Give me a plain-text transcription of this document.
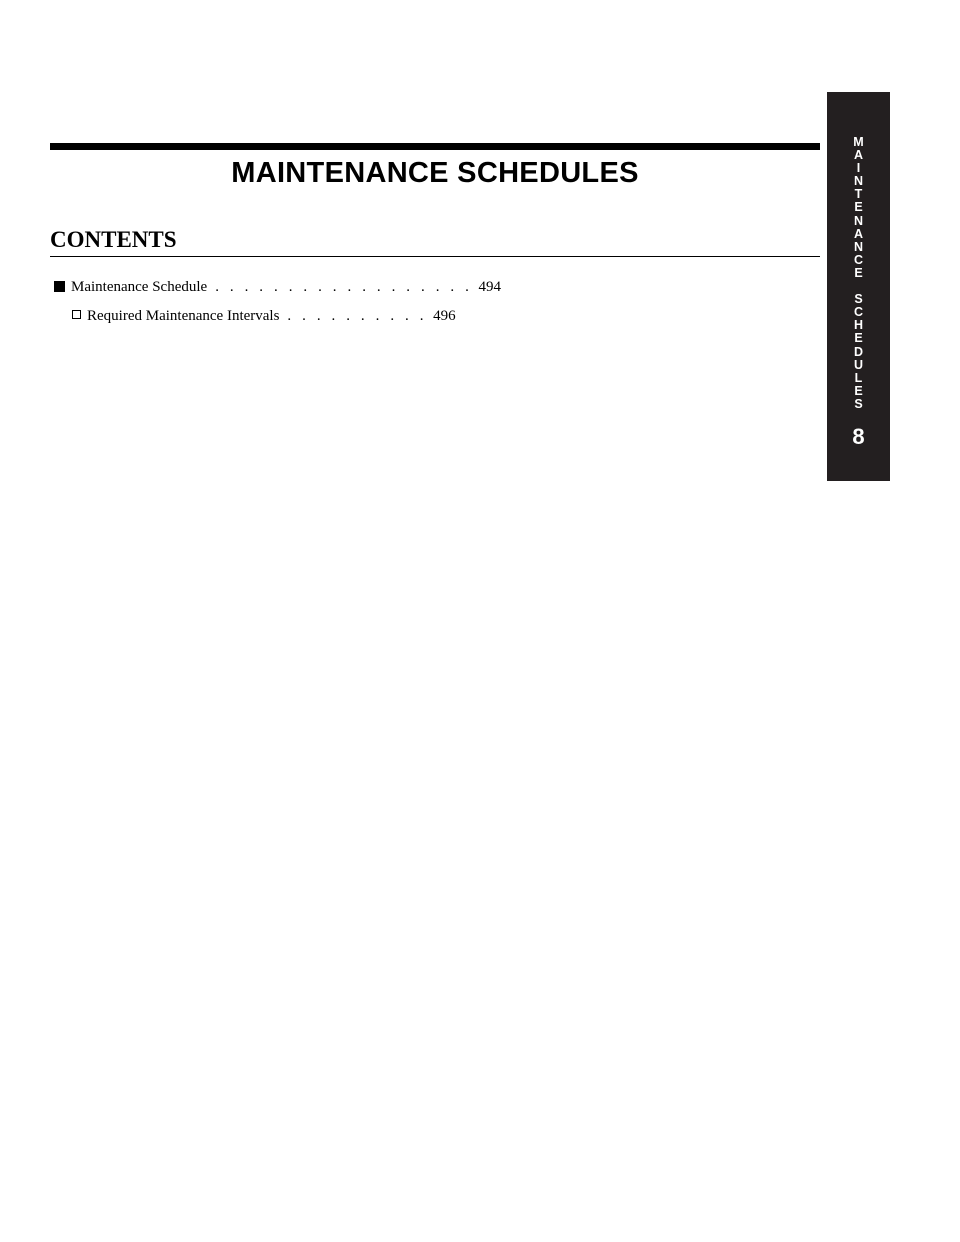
MAINTENANCE SCHEDULES
CONTENTS
Maintenance Schedule . . . . . . . . . . . . . . . . . . 494
Required Maintenance Intervals . . . . . . . . . . 496
M
A
I
N
T
E
N
A
N
C
E
S
C
H
E
D
U
L
E
S
8
